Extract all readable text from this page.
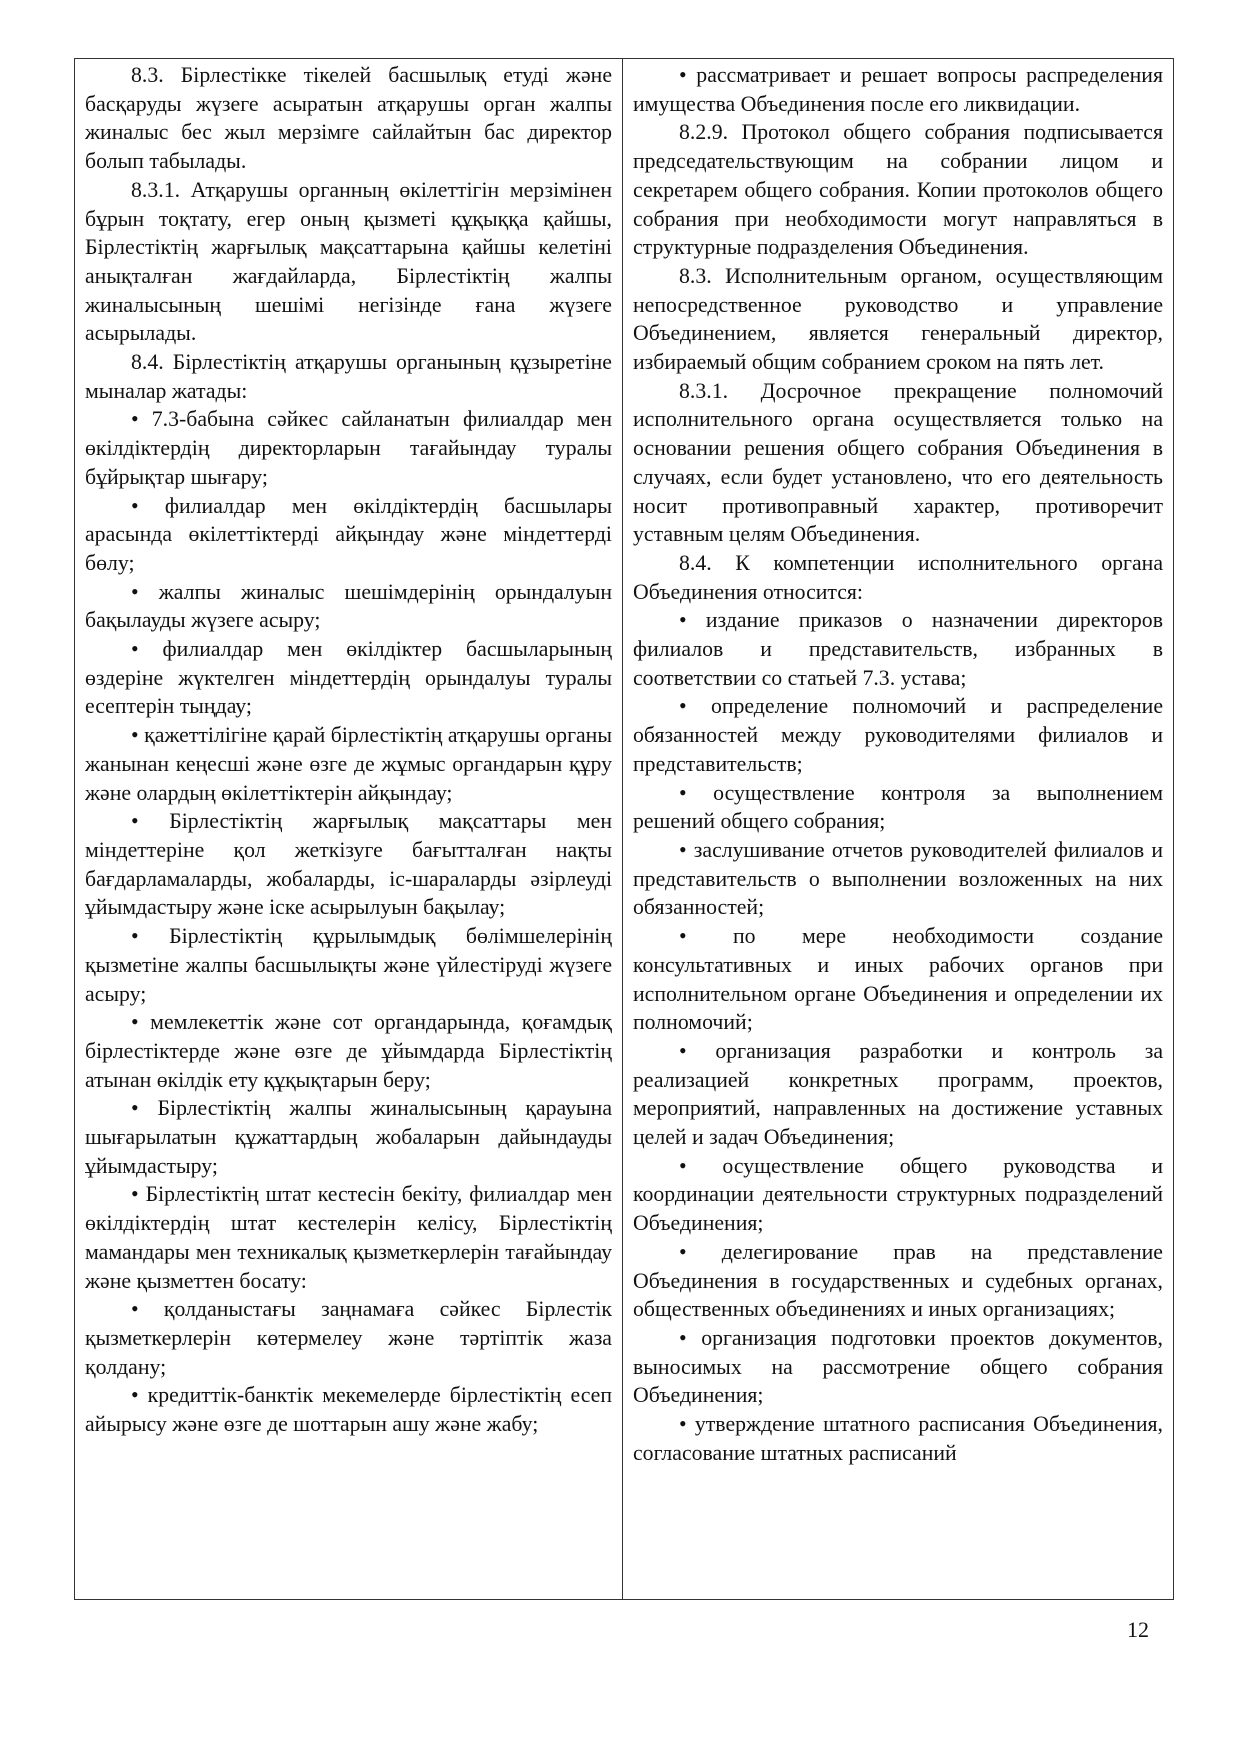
8.3. Бірлестікке тікелей басшылық етуді және басқаруды жүзеге асыратын атқарушы орган жалпы жиналыс бес жыл мерзімге сайлайтын бас директор болып табылады.

8.3.1. Атқарушы органның өкілеттігін мерзімінен бұрын тоқтату, егер оның қызметі құқыққа қайшы, Бірлестіктің жарғылық мақсаттарына қайшы келетіні анықталған жағдайларда, Бірлестіктің жалпы жиналысының шешімі негізінде ғана жүзеге асырылады.

8.4. Бірлестіктің атқарушы органының құзыретіне мыналар жатады:

• 7.3-бабына сәйкес сайланатын филиалдар мен өкілдіктердің директорларын тағайындау туралы бұйрықтар шығару;

• филиалдар мен өкілдіктердің басшылары арасында өкілеттіктерді айқындау және міндеттерді бөлу;

• жалпы жиналыс шешімдерінің орындалуын бақылауды жүзеге асыру;

• филиалдар мен өкілдіктер басшыларының өздеріне жүктелген міндеттердің орындалуы туралы есептерін тыңдау;

• қажеттілігіне қарай бірлестіктің атқарушы органы жанынан кеңесші және өзге де жұмыс органдарын құру және олардың өкілеттіктерін айқындау;

• Бірлестіктің жарғылық мақсаттары мен міндеттеріне қол жеткізуге бағытталған нақты бағдарламаларды, жобаларды, іс-шараларды әзірлеуді ұйымдастыру және іске асырылуын бақылау;

• Бірлестіктің құрылымдық бөлімшелерінің қызметіне жалпы басшылықты және үйлестіруді жүзеге асыру;

• мемлекеттік және сот органдарында, қоғамдық бірлестіктерде және өзге де ұйымдарда Бірлестіктің атынан өкілдік ету құқықтарын беру;

• Бірлестіктің жалпы жиналысының қарауына шығарылатын құжаттардың жобаларын дайындауды ұйымдастыру;

• Бірлестіктің штат кестесін бекіту, филиалдар мен өкілдіктердің штат кестелерін келісу, Бірлестіктің мамандары мен техникалық қызметкерлерін тағайындау және қызметтен босату:

• қолданыстағы заңнамаға сәйкес Бірлестік қызметкерлерін көтермелеу және тәртіптік жаза қолдану;

• кредиттік-банктік мекемелерде бірлестіктің есеп айырысу және өзге де шоттарын ашу және жабу;

• рассматривает и решает вопросы распределения имущества Объединения после его ликвидации.

8.2.9. Протокол общего собрания подписывается председательствующим на собрании лицом и секретарем общего собрания. Копии протоколов общего собрания при необходимости могут направляться в структурные подразделения Объединения.

8.3. Исполнительным органом, осуществляющим непосредственное руководство и управление Объединением, является генеральный директор, избираемый общим собранием сроком на пять лет.

8.3.1. Досрочное прекращение полномочий исполнительного органа осуществляется только на основании решения общего собрания Объединения в случаях, если будет установлено, что его деятельность носит противоправный характер, противоречит уставным целям Объединения.

8.4. К компетенции исполнительного органа Объединения относится:

• издание приказов о назначении директоров филиалов и представительств, избранных в соответствии со статьей 7.3. устава;

• определение полномочий и распределение обязанностей между руководителями филиалов и представительств;

• осуществление контроля за выполнением решений общего собрания;

• заслушивание отчетов руководителей филиалов и представительств о выполнении возложенных на них обязанностей;

• по мере необходимости создание консультативных и иных рабочих органов при исполнительном органе Объединения и определении их полномочий;

• организация разработки и контроль за реализацией конкретных программ, проектов, мероприятий, направленных на достижение уставных целей и задач Объединения;

• осуществление общего руководства и координации деятельности структурных подразделений Объединения;

• делегирование прав на представление Объединения в государственных и судебных органах, общественных объединениях и иных организациях;

• организация подготовки проектов документов, выносимых на рассмотрение общего собрания Объединения;

• утверждение штатного расписания Объединения, согласование штатных расписаний

12
